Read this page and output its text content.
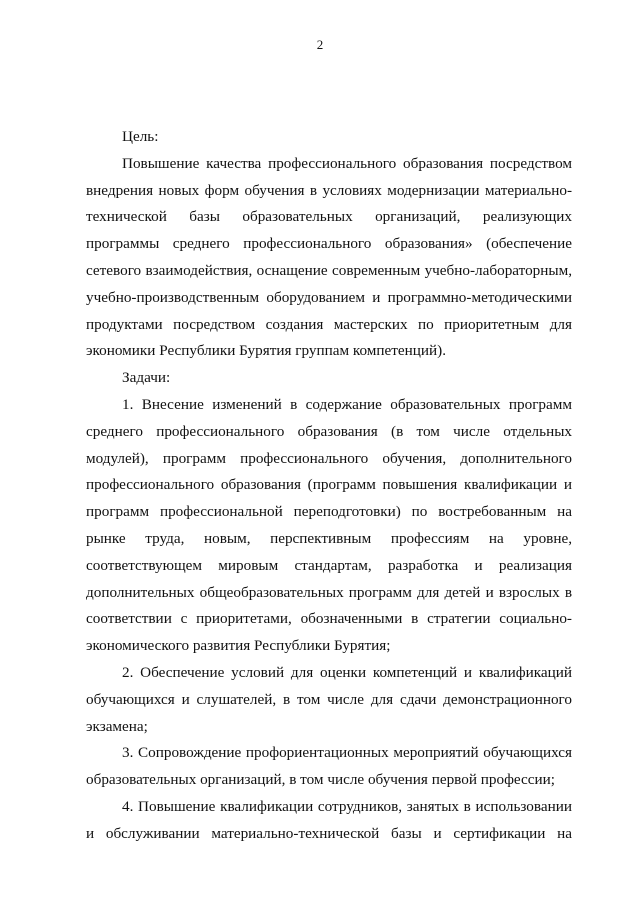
2

Цель:

Повышение качества профессионального образования посредством внедрения новых форм обучения в условиях модернизации материально-технической базы образовательных организаций, реализующих программы среднего профессионального образования» (обеспечение сетевого взаимодействия, оснащение современным учебно-лабораторным, учебно-производственным оборудованием и программно-методическими продуктами посредством создания мастерских по приоритетным для экономики Республики Бурятия группам компетенций).

Задачи:

1. Внесение изменений в содержание образовательных программ среднего профессионального образования (в том числе отдельных модулей), программ профессионального обучения, дополнительного профессионального образования (программ повышения квалификации и программ профессиональной переподготовки) по востребованным на рынке труда, новым, перспективным профессиям на уровне, соответствующем мировым стандартам, разработка и реализация дополнительных общеобразовательных программ для детей и взрослых в соответствии с приоритетами, обозначенными в стратегии социально-экономического развития Республики Бурятия;

2. Обеспечение условий для оценки компетенций и квалификаций обучающихся и слушателей, в том числе для сдачи демонстрационного экзамена;

3. Сопровождение профориентационных мероприятий обучающихся образовательных организаций, в том числе обучения первой профессии;

4. Повышение квалификации сотрудников, занятых в использовании и обслуживании материально-технической базы и сертификации на
